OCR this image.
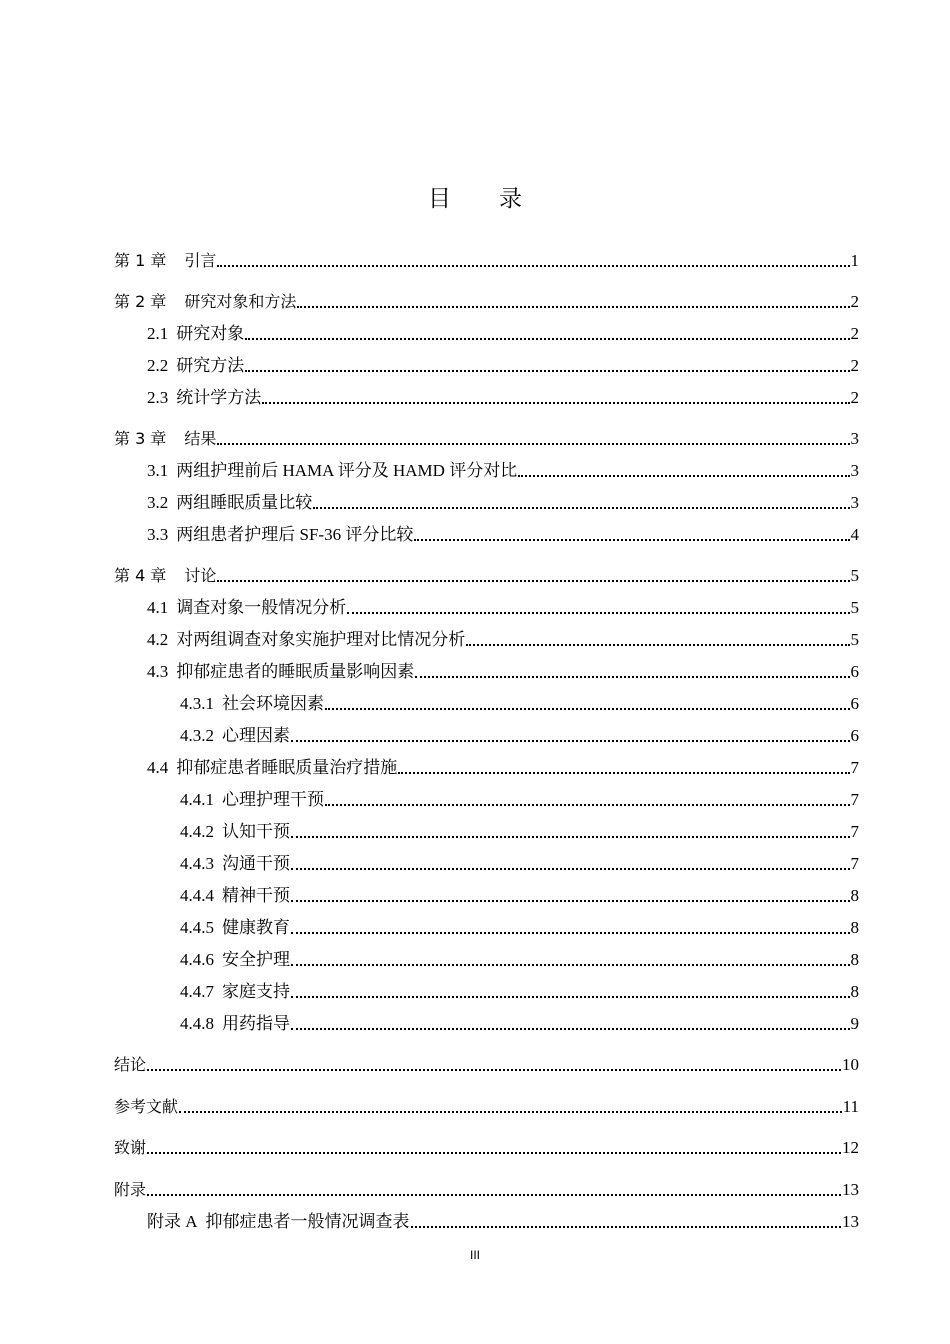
目录
第 1 章 引言	1
第 2 章 研究对象和方法	2
2.1 研究对象	2
2.2 研究方法	2
2.3 统计学方法	2
第 3 章 结果	3
3.1 两组护理前后 HAMA 评分及 HAMD 评分对比	3
3.2 两组睡眠质量比较	3
3.3 两组患者护理后 SF-36 评分比较	4
第 4 章 讨论	5
4.1 调查对象一般情况分析	5
4.2 对两组调查对象实施护理对比情况分析	5
4.3 抑郁症患者的睡眠质量影响因素	6
4.3.1 社会环境因素	6
4.3.2 心理因素	6
4.4 抑郁症患者睡眠质量治疗措施	7
4.4.1 心理护理干预	7
4.4.2 认知干预	7
4.4.3 沟通干预	7
4.4.4 精神干预	8
4.4.5 健康教育	8
4.4.6 安全护理	8
4.4.7 家庭支持	8
4.4.8 用药指导	9
结论	10
参考文献	11
致谢	12
附录	13
附录 A 抑郁症患者一般情况调查表	13
III
